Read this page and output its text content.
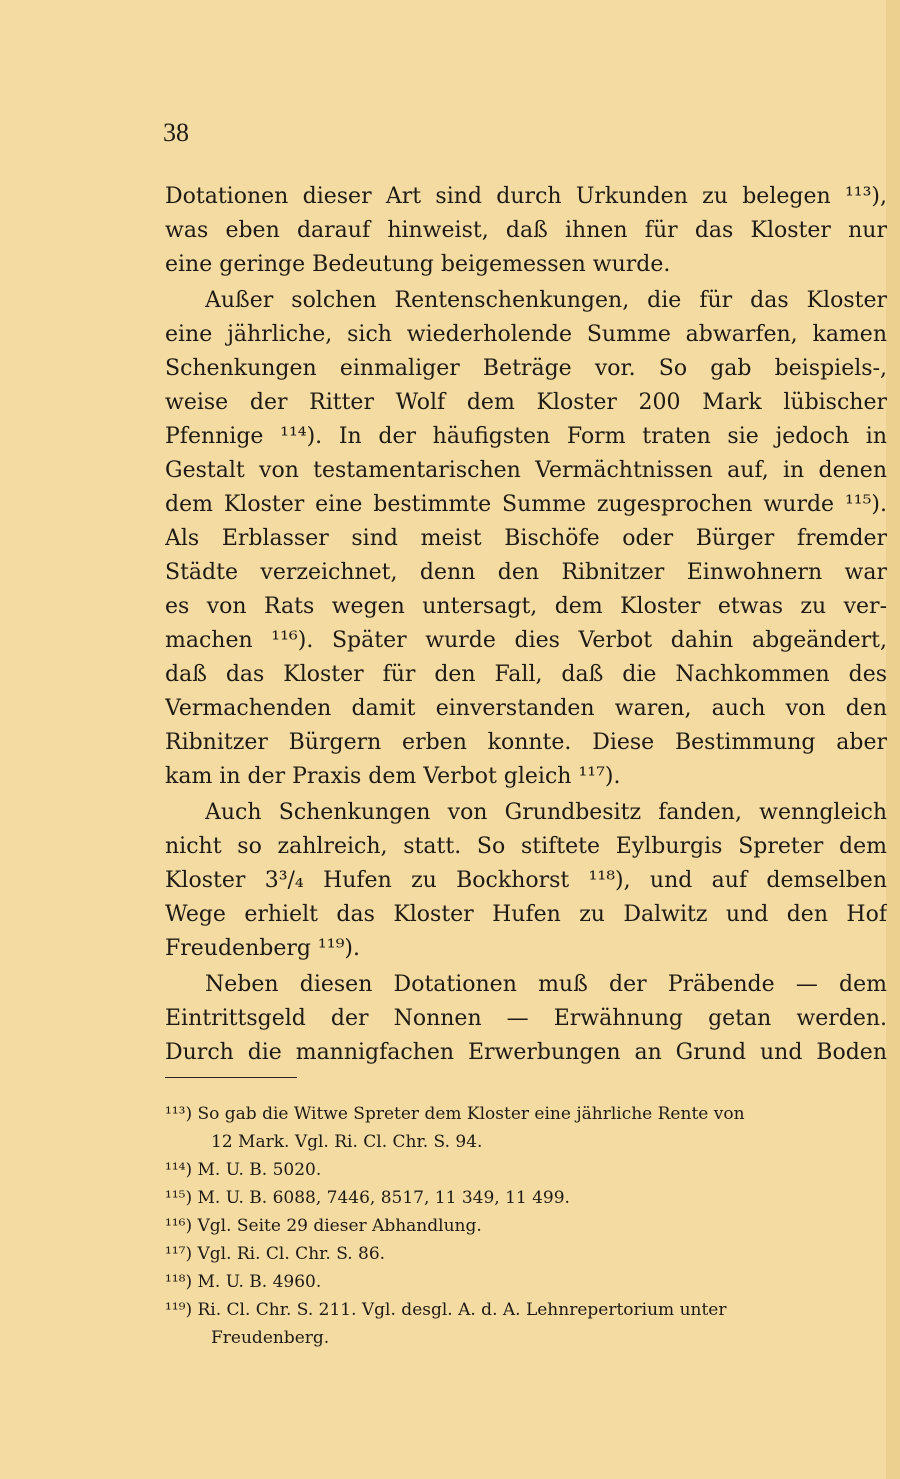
38
Dotationen dieser Art sind durch Urkunden zu belegen ¹¹³),
was eben darauf hinweist, daß ihnen für das Kloster nur
eine geringe Bedeutung beigemessen wurde.
Außer solchen Rentenschenkungen, die für das Kloster
eine jährliche, sich wiederholende Summe abwarfen, kamen
Schenkungen einmaliger Beträge vor. So gab beispiels-,
weise der Ritter Wolf dem Kloster 200 Mark lübischer
Pfennige ¹¹⁴). In der häufigsten Form traten sie jedoch in
Gestalt von testamentarischen Vermächtnissen auf, in denen
dem Kloster eine bestimmte Summe zugesprochen wurde ¹¹⁵).
Als Erblasser sind meist Bischöfe oder Bürger fremder
Städte verzeichnet, denn den Ribnitzer Einwohnern war
es von Rats wegen untersagt, dem Kloster etwas zu ver-
machen ¹¹⁶). Später wurde dies Verbot dahin abgeändert,
daß das Kloster für den Fall, daß die Nachkommen des
Vermachenden damit einverstanden waren, auch von den
Ribnitzer Bürgern erben konnte. Diese Bestimmung aber
kam in der Praxis dem Verbot gleich ¹¹⁷).
Auch Schenkungen von Grundbesitz fanden, wenngleich
nicht so zahlreich, statt. So stiftete Eylburgis Spreter dem
Kloster 3³/₄ Hufen zu Bockhorst ¹¹⁸), und auf demselben
Wege erhielt das Kloster Hufen zu Dalwitz und den Hof
Freudenberg ¹¹⁹).
Neben diesen Dotationen muß der Präbende — dem
Eintrittsgeld der Nonnen — Erwähnung getan werden.
Durch die mannigfachen Erwerbungen an Grund und Boden
¹¹³) So gab die Witwe Spreter dem Kloster eine jährliche Rente von
12 Mark. Vgl. Ri. Cl. Chr. S. 94.
¹¹⁴) M. U. B. 5020.
¹¹⁵) M. U. B. 6088, 7446, 8517, 11 349, 11 499.
¹¹⁶) Vgl. Seite 29 dieser Abhandlung.
¹¹⁷) Vgl. Ri. Cl. Chr. S. 86.
¹¹⁸) M. U. B. 4960.
¹¹⁹) Ri. Cl. Chr. S. 211. Vgl. desgl. A. d. A. Lehnrepertorium unter
Freudenberg.
